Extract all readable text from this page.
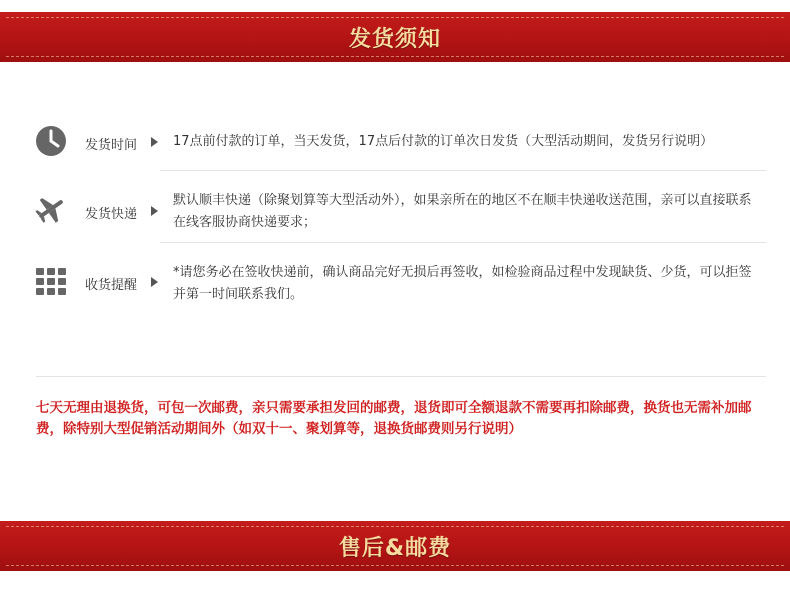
发货须知
发货时间	17点前付款的订单，当天发货，17点后付款的订单次日发货（大型活动期间，发货另行说明）

发货快递

默认顺丰快递（除聚划算等大型活动外），如果亲所在的地区不在顺丰快递收送范围，亲可以直接联系在线客服协商快递要求；

收货提醒

*请您务必在签收快递前，确认商品完好无损后再签收，如检验商品过程中发现缺货、少货，可以拒签并第一时间联系我们。

七天无理由退换货，可包一次邮费，亲只需要承担发回的邮费，退货即可全额退款不需要再扣除邮费，换货也无需补加邮费，除特别大型促销活动期间外（如双十一、聚划算等，退换货邮费则另行说明）

售后&邮费
